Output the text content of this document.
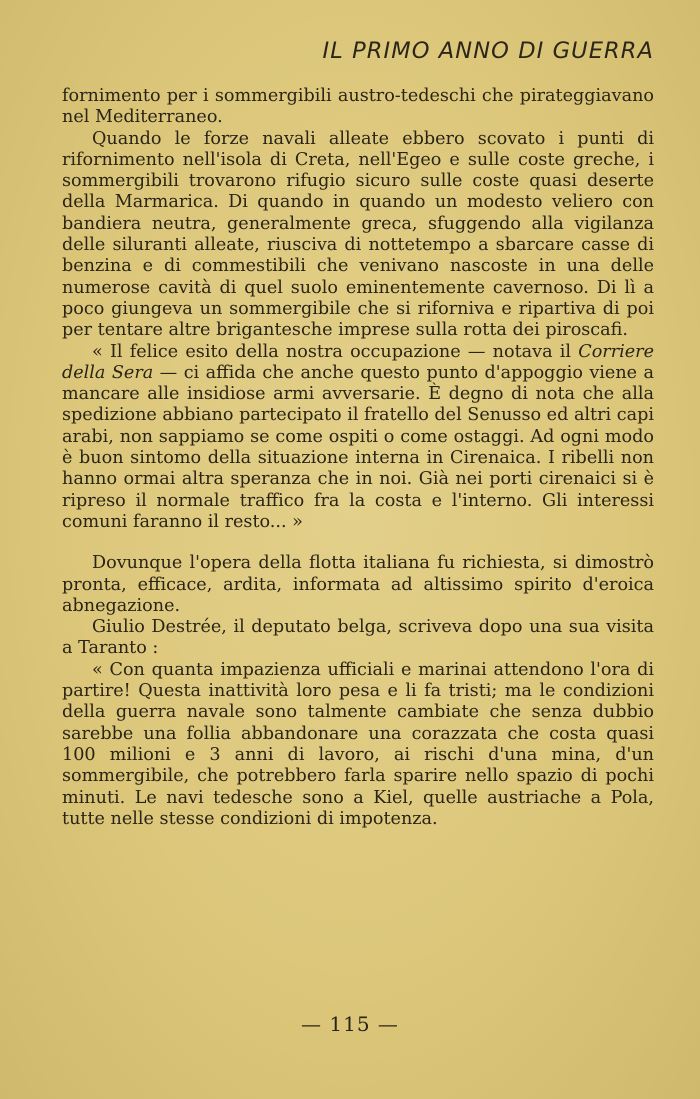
IL PRIMO ANNO DI GUERRA

fornimento per i sommergibili austro-tedeschi che pirateggiavano nel Mediterraneo.

Quando le forze navali alleate ebbero scovato i punti di rifornimento nell'isola di Creta, nell'Egeo e sulle coste greche, i sommergibili trovarono rifugio sicuro sulle coste quasi deserte della Marmarica. Di quando in quando un modesto veliero con bandiera neutra, generalmente greca, sfuggendo alla vigilanza delle siluranti alleate, riusciva di nottetempo a sbarcare casse di benzina e di commestibili che venivano nascoste in una delle numerose cavità di quel suolo eminentemente cavernoso. Di lì a poco giungeva un sommergibile che si riforniva e ripartiva di poi per tentare altre brigantesche imprese sulla rotta dei piroscafi.

« Il felice esito della nostra occupazione — notava il Corriere della Sera — ci affida che anche questo punto d'appoggio viene a mancare alle insidiose armi avversarie. È degno di nota che alla spedizione abbiano partecipato il fratello del Senusso ed altri capi arabi, non sappiamo se come ospiti o come ostaggi. Ad ogni modo è buon sintomo della situazione interna in Cirenaica. I ribelli non hanno ormai altra speranza che in noi. Già nei porti cirenaici si è ripreso il normale traffico fra la costa e l'interno. Gli interessi comuni faranno il resto... »

Dovunque l'opera della flotta italiana fu richiesta, si dimostrò pronta, efficace, ardita, informata ad altissimo spirito d'eroica abnegazione.

Giulio Destrée, il deputato belga, scriveva dopo una sua visita a Taranto :

« Con quanta impazienza ufficiali e marinai attendono l'ora di partire! Questa inattività loro pesa e li fa tristi; ma le condizioni della guerra navale sono talmente cambiate che senza dubbio sarebbe una follia abbandonare una corazzata che costa quasi 100 milioni e 3 anni di lavoro, ai rischi d'una mina, d'un sommergibile, che potrebbero farla sparire nello spazio di pochi minuti. Le navi tedesche sono a Kiel, quelle austriache a Pola, tutte nelle stesse condizioni di impotenza.

— 115 —
